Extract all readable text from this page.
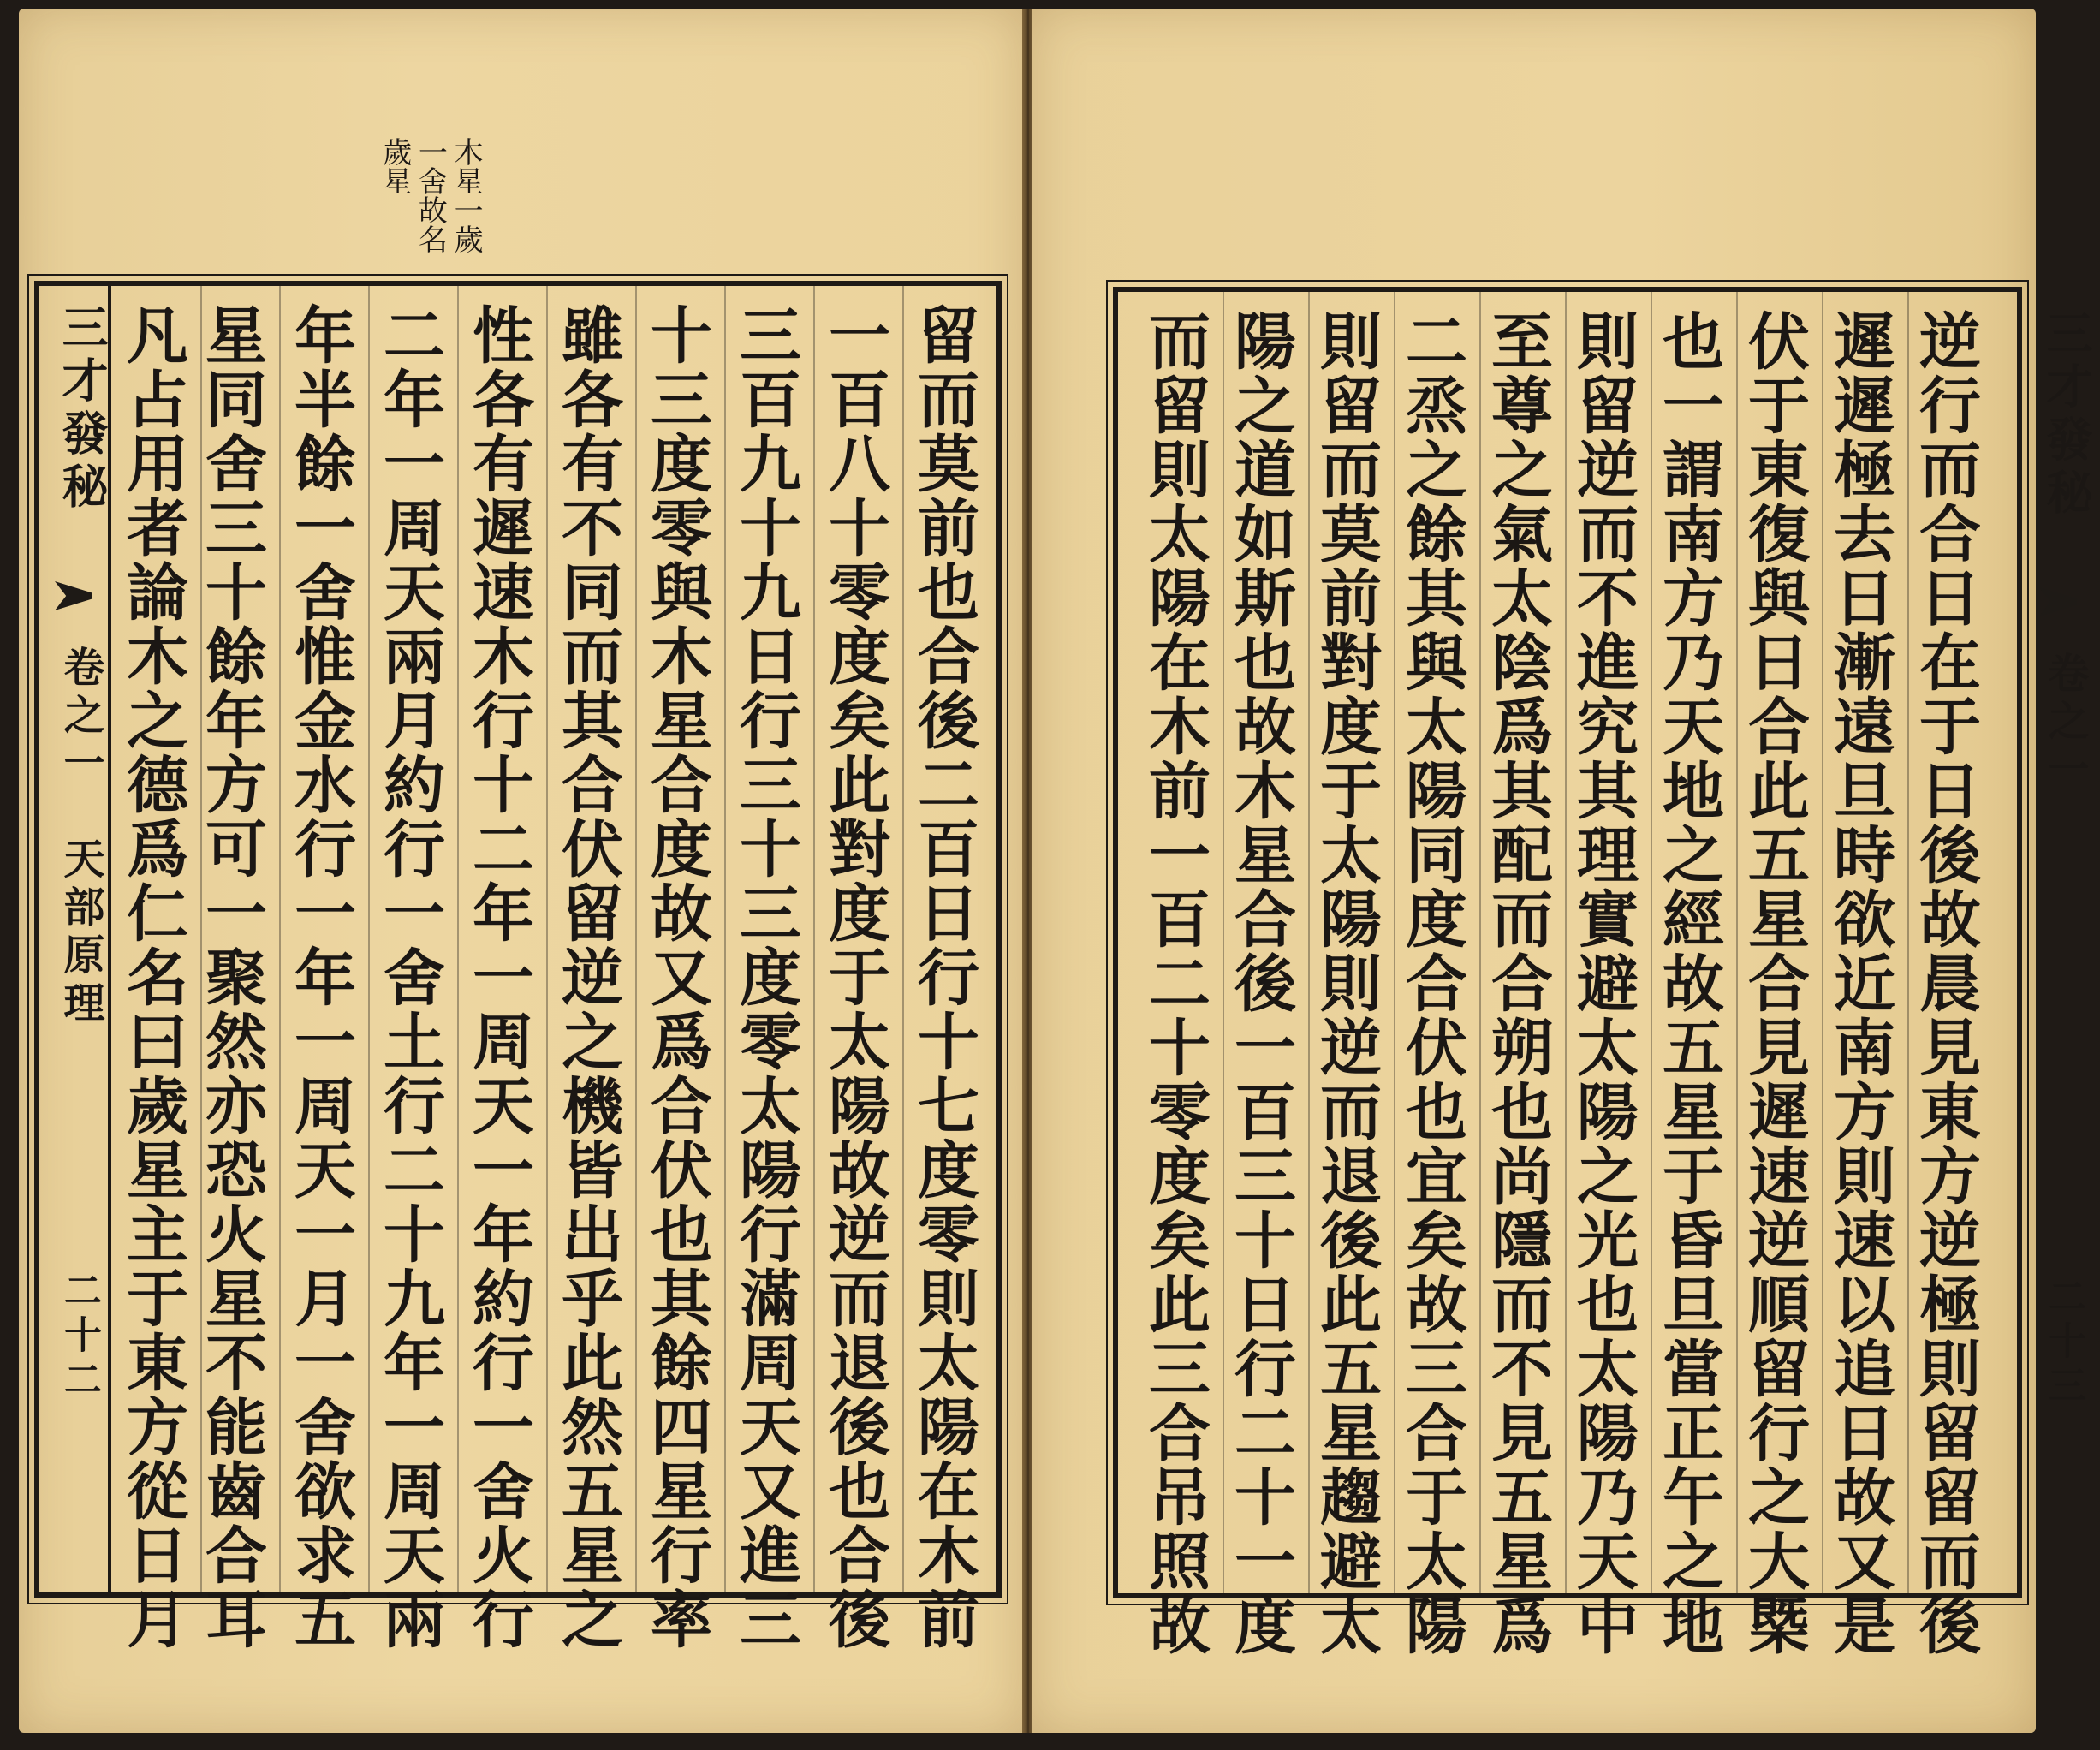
木星一歲
一舍故名
歲星
三才發秘
卷之一　天部原理
二十二	留而莫前也合後二百日行十七度零則太陽在木前
一百八十零度矣此對度于太陽故逆而退後也合後
三百九十九日行三十三度零太陽行滿周天又進三
十三度零與木星合度故又爲合伏也其餘四星行率
雖各有不同而其合伏留逆之機皆出乎此然五星之
性各有遲速木行十二年一周天一年約行一舍火行
二年一周天兩月約行一舍土行二十九年一周天兩
年半餘一舍惟金水行一年一周天一月一舍欲求五
星同舍三十餘年方可一聚然亦恐火星不能齒合耳
凡占用者論木之德爲仁名曰歲星主于東方從日月	逆行而合日在于日後故晨見東方逆極則留留而後
遲遲極去日漸遠旦時欲近南方則速以追日故又是
伏于東復與日合此五星合見遲速逆順留行之大槩
也一謂南方乃天地之經故五星于昏旦當正午之地
則留逆而不進究其理實避太陽之光也太陽乃天中
至尊之氣太陰爲其配而合朔也尚隱而不見五星爲
二烝之餘其與太陽同度合伏也宜矣故三合于太陽
則留而莫前對度于太陽則逆而退後此五星趨避太
陽之道如斯也故木星合後一百三十日行二十一度
而留則太陽在木前一百二十零度矣此三合吊照故	三才發秘
卷之一
二十三
